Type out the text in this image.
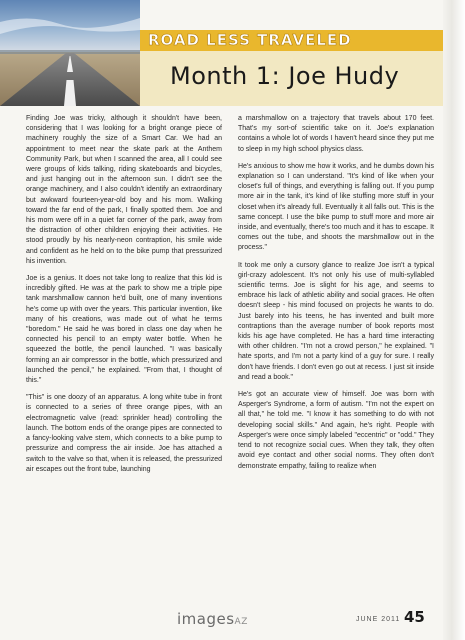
ROAD LESS TRAVELED
Month 1: Joe Hudy

Finding Joe was tricky, although it shouldn't have been, considering that I was looking for a bright orange piece of machinery roughly the size of a Smart Car. We had an appointment to meet near the skate park at the Anthem Community Park, but when I scanned the area, all I could see were groups of kids talking, riding skateboards and bicycles, and just hanging out in the afternoon sun. I didn't see the orange machinery, and I also couldn't identify an extraordinary but awkward fourteen-year-old boy and his mom. Walking toward the far end of the park, I finally spotted them. Joe and his mom were off in a quiet far corner of the park, away from the distraction of other children enjoying their activities. He stood proudly by his nearly-neon contraption, his smile wide and confident as he held on to the bike pump that pressurized his invention.

Joe is a genius. It does not take long to realize that this kid is incredibly gifted. He was at the park to show me a triple pipe tank marshmallow cannon he'd built, one of many inventions he's come up with over the years. This particular invention, like many of his creations, was made out of what he terms "boredom." He said he was bored in class one day when he connected his pencil to an empty water bottle. When he squeezed the bottle, the pencil launched. "I was basically forming an air compressor in the bottle, which pressurized and launched the pencil," he explained. "From that, I thought of this."

"This" is one doozy of an apparatus. A long white tube in front is connected to a series of three orange pipes, with an electromagnetic valve (read: sprinkler head) controlling the launch. The bottom ends of the orange pipes are connected to a fancy-looking valve stem, which connects to a bike pump to pressurize and compress the air inside. Joe has attached a switch to the valve so that, when it is released, the pressurized air escapes out the front tube, launching

a marshmallow on a trajectory that travels about 170 feet. That's my sort-of scientific take on it. Joe's explanation contains a whole lot of words I haven't heard since they put me to sleep in my high school physics class.

He's anxious to show me how it works, and he dumbs down his explanation so I can understand. "It's kind of like when your closet's full of things, and everything is falling out. If you pump more air in the tank, it's kind of like stuffing more stuff in your closet when it's already full. Eventually it all falls out. This is the same concept. I use the bike pump to stuff more and more air inside, and eventually, there's too much and it has to escape. It comes out the tube, and shoots the marshmallow out in the process."

It took me only a cursory glance to realize Joe isn't a typical girl-crazy adolescent. It's not only his use of multi-syllabled scientific terms. Joe is slight for his age, and seems to embrace his lack of athletic ability and social graces. He often doesn't sleep - his mind focused on projects he wants to do. Just barely into his teens, he has invented and built more contraptions than the average number of book reports most kids his age have completed. He has a hard time interacting with other children. "I'm not a crowd person," he explained. "I hate sports, and I'm not a party kind of a guy for sure. I really don't have friends. I don't even go out at recess. I just sit inside and read a book."

He's got an accurate view of himself. Joe was born with Asperger's Syndrome, a form of autism. "I'm not the expert on all that," he told me. "I know it has something to do with not developing social skills." And again, he's right. People with Asperger's were once simply labeled "eccentric" or "odd." They tend to not recognize social cues. When they talk, they often avoid eye contact and other social norms. They often don't demonstrate empathy, failing to realize when

imagesAZ	JUNE 2011 45
